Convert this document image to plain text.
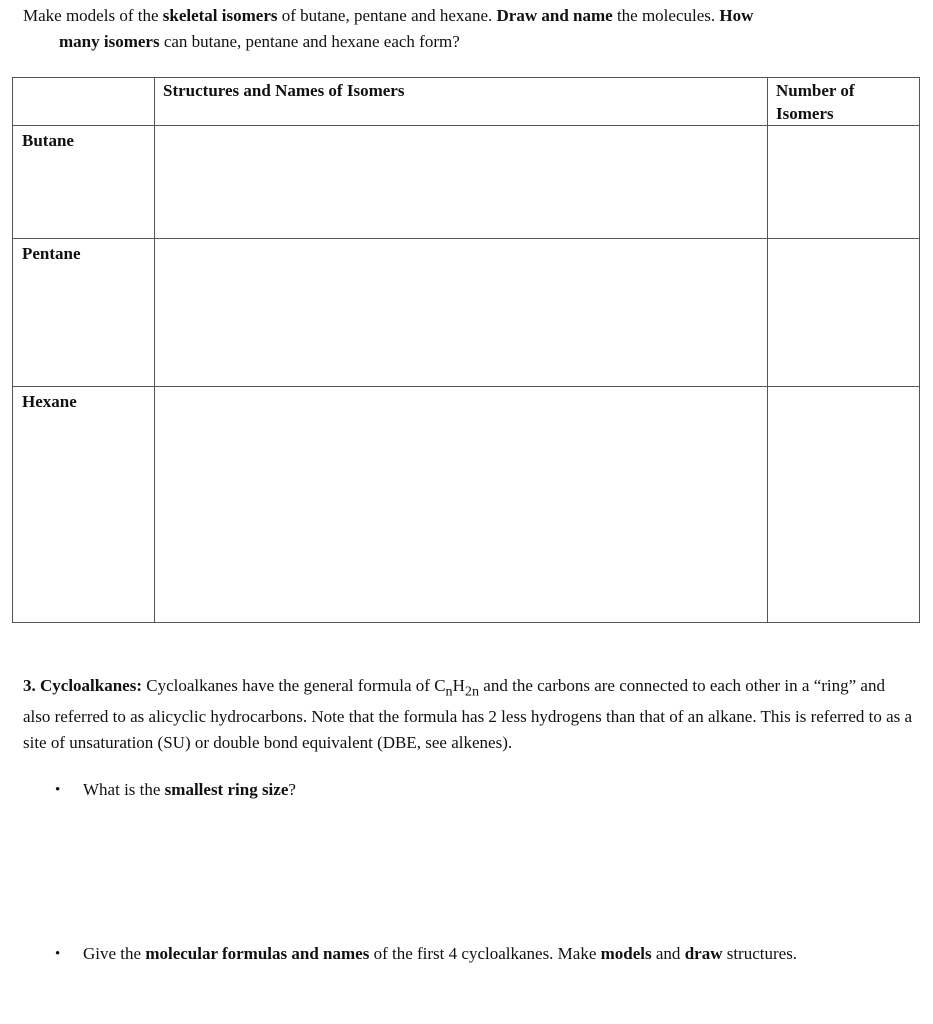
Make models of the skeletal isomers of butane, pentane and hexane. Draw and name the molecules. How
many isomers can butane, pentane and hexane each form?

	Structures and Names of Isomers	Number of
Isomers

Butane		

Pentane		

Hexane		

3. Cycloalkanes: Cycloalkanes have the general formula of $C_nH_{2n}$ and the carbons are connected to each other in a “ring” and also referred to as alicyclic hydrocarbons. Note that the formula has 2 less hydrogens than that of an alkane. This is referred to as a site of unsaturation (SU) or double bond equivalent (DBE, see alkenes).

•	What is the smallest ring size?
•	Give the molecular formulas and names of the first 4 cycloalkanes. Make models and draw structures.
